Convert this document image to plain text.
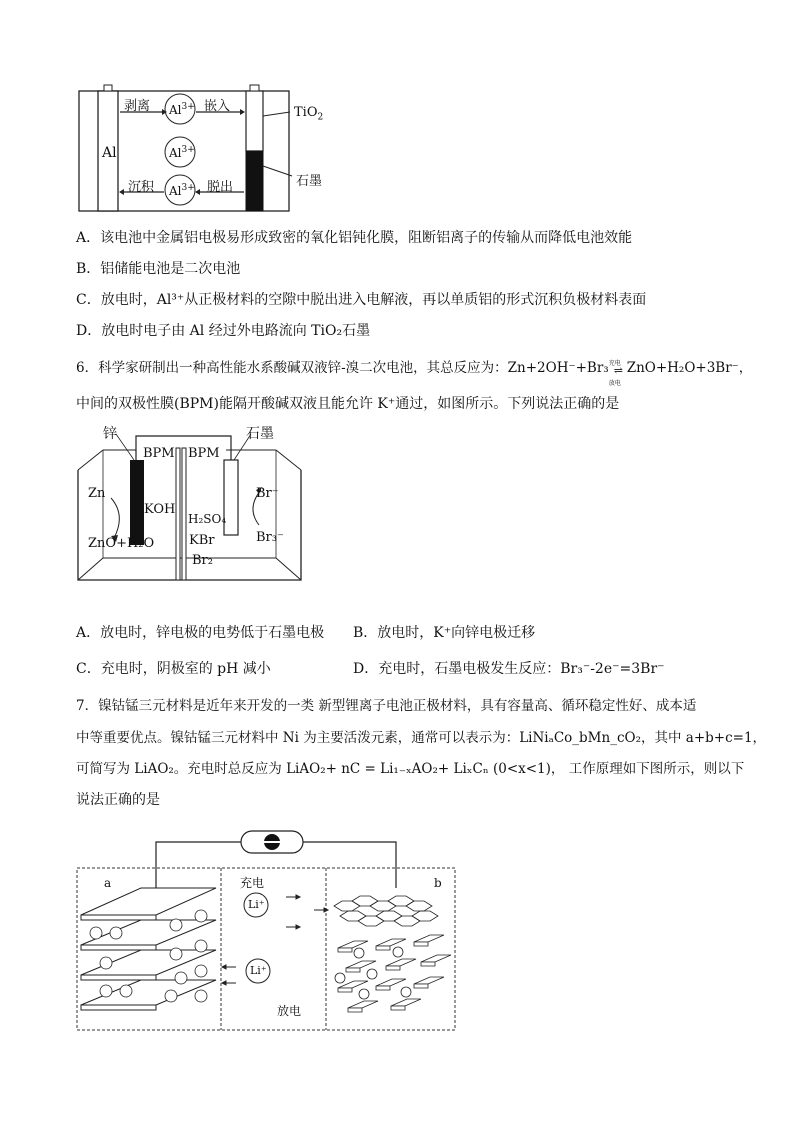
Al
剥离	嵌入
沉积	脱出
$Al^{3+}$
$Al^{3+}$
$Al^{3+}$
TiO$_2$
石墨
A．该电池中金属铝电极易形成致密的氧化铝钝化膜，阻断铝离子的传输从而降低电池效能
B．铝储能电池是二次电池
C．放电时，Al³⁺从正极材料的空隙中脱出进入电解液，再以单质铝的形式沉积负极材料表面
D．放电时电子由 Al 经过外电路流向 TiO₂石墨
6．科学家研制出一种高性能水系酸碱双液锌-溴二次电池，其总反应为：Zn+2OH⁻+Br₃ 充电
⇌
放电
ZnO+H₂O+3Br⁻，
中间的双极性膜(BPM)能隔开酸碱双液且能允许 K⁺通过，如图所示。下列说法正确的是
锌	石墨
BPM BPM
Zn
KOH
ZnO+H₂O
H₂SO₄
KBr
Br₂
Br⁻
Br₃⁻
A．放电时，锌电极的电势低于石墨电极 B．放电时，K⁺向锌电极迁移
C．充电时，阴极室的 pH 减小	D．充电时，石墨电极发生反应：Br₃⁻-2e⁻=3Br⁻
7．镍钴锰三元材料是近年来开发的一类 新型锂离子电池正极材料，具有容量高、循环稳定性好、成本适
中等重要优点。镍钴锰三元材料中 Ni 为主要活泼元素，通常可以表示为：LiNiₐCo_bMn_cO₂，其中 a+b+c=1，
可简写为 LiAO₂。充电时总反应为 LiAO₂+ nC = Li₁₋ₓAO₂+ LiₓCₙ (0<x<1)， 工作原理如下图所示，则以下
说法正确的是
a	b
充电
放电
Li⁺
Li⁺
